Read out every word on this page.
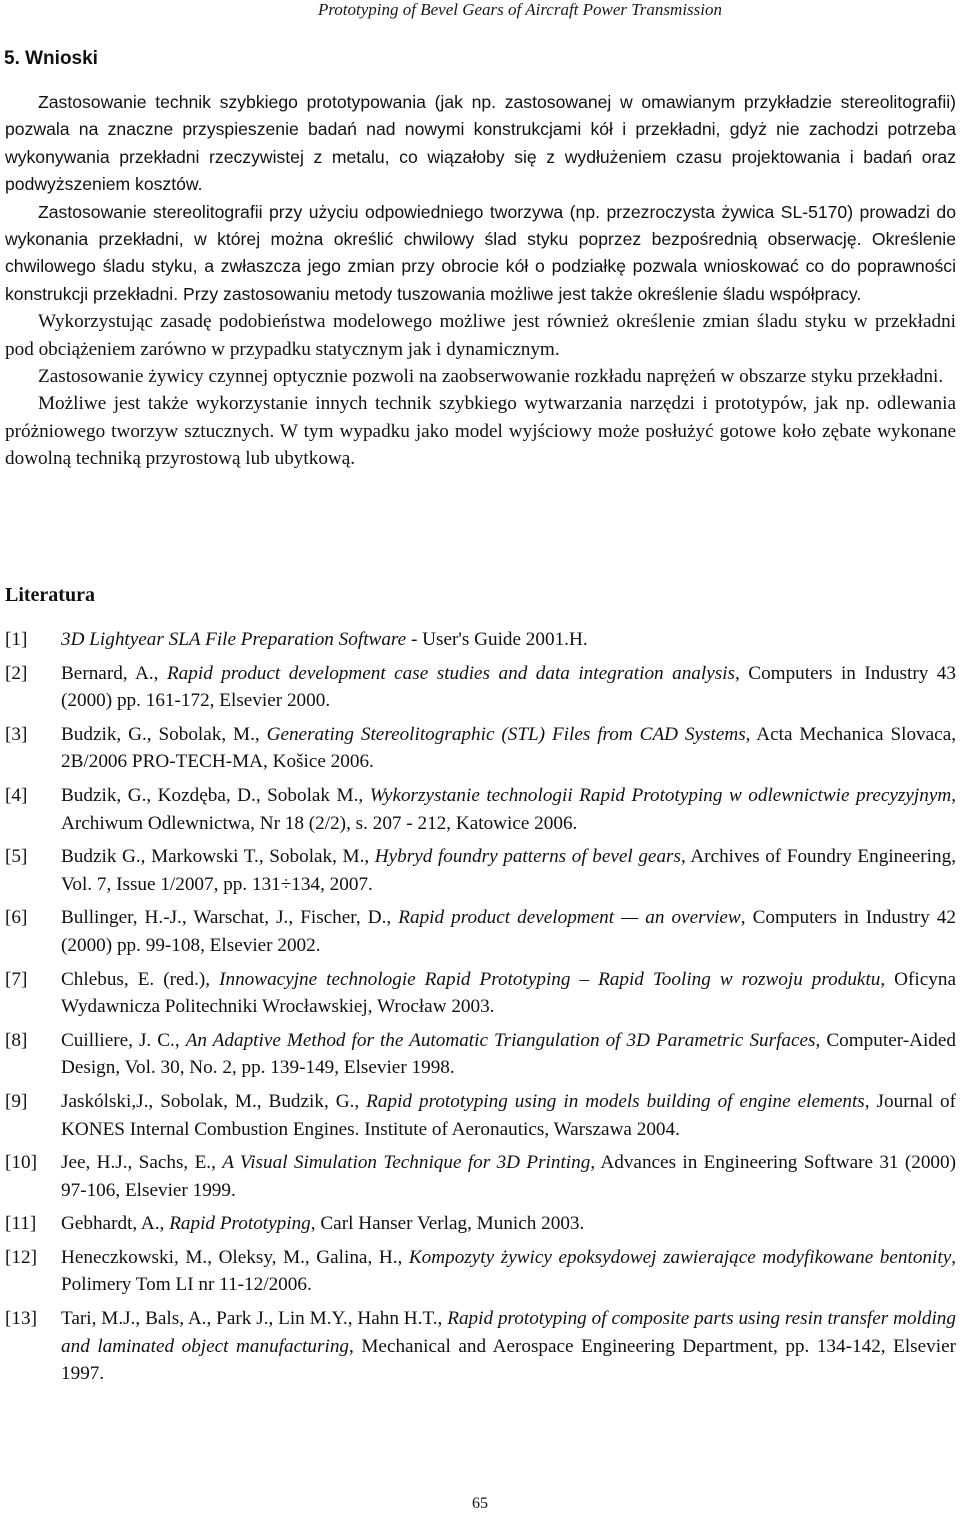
Prototyping of Bevel Gears of Aircraft Power Transmission
5. Wnioski

Zastosowanie technik szybkiego prototypowania (jak np. zastosowanej w omawianym przykładzie stereolitografii) pozwala na znaczne przyspieszenie badań nad nowymi konstrukcjami kół i przekładni, gdyż nie zachodzi potrzeba wykonywania przekładni rzeczywistej z metalu, co wiązałoby się z wydłużeniem czasu projektowania i badań oraz podwyższeniem kosztów.

Zastosowanie stereolitografii przy użyciu odpowiedniego tworzywa (np. przezroczysta żywica SL-5170) prowadzi do wykonania przekładni, w której można określić chwilowy ślad styku poprzez bezpośrednią obserwację. Określenie chwilowego śladu styku, a zwłaszcza jego zmian przy obrocie kół o podziałkę pozwala wnioskować co do poprawności konstrukcji przekładni. Przy zastosowaniu metody tuszowania możliwe jest także określenie śladu współpracy.

Wykorzystując zasadę podobieństwa modelowego możliwe jest również określenie zmian śladu styku w przekładni pod obciążeniem zarówno w przypadku statycznym jak i dynamicznym.

Zastosowanie żywicy czynnej optycznie pozwoli na zaobserwowanie rozkładu naprężeń w obszarze styku przekładni.

Możliwe jest także wykorzystanie innych technik szybkiego wytwarzania narzędzi i prototypów, jak np. odlewania próżniowego tworzyw sztucznych. W tym wypadku jako model wyjściowy może posłużyć gotowe koło zębate wykonane dowolną techniką przyrostową lub ubytkową.

Literatura
[1]	3D Lightyear SLA File Preparation Software - User's Guide 2001.H.
[2]	Bernard, A., Rapid product development case studies and data integration analysis, Computers in Industry 43 (2000) pp. 161-172, Elsevier 2000.
[3]	Budzik, G., Sobolak, M., Generating Stereolitographic (STL) Files from CAD Systems, Acta Mechanica Slovaca, 2B/2006 PRO-TECH-MA, Košice 2006.
[4]	Budzik, G., Kozdęba, D., Sobolak M., Wykorzystanie technologii Rapid Prototyping w odlewnictwie precyzyjnym, Archiwum Odlewnictwa, Nr 18 (2/2), s. 207 - 212, Katowice 2006.
[5]	Budzik G., Markowski T., Sobolak, M., Hybryd foundry patterns of bevel gears, Archives of Foundry Engineering, Vol. 7, Issue 1/2007, pp. 131÷134, 2007.
[6]	Bullinger, H.-J., Warschat, J., Fischer, D., Rapid product development — an overview, Computers in Industry 42 (2000) pp. 99-108, Elsevier 2002.
[7]	Chlebus, E. (red.), Innowacyjne technologie Rapid Prototyping – Rapid Tooling w rozwoju produktu, Oficyna Wydawnicza Politechniki Wrocławskiej, Wrocław 2003.
[8]	Cuilliere, J. C., An Adaptive Method for the Automatic Triangulation of 3D Parametric Surfaces, Computer-Aided Design, Vol. 30, No. 2, pp. 139-149, Elsevier 1998.
[9]	Jaskólski,J., Sobolak, M., Budzik, G., Rapid prototyping using in models building of engine elements, Journal of KONES Internal Combustion Engines. Institute of Aeronautics, Warszawa 2004.
[10]	Jee, H.J., Sachs, E., A Visual Simulation Technique for 3D Printing, Advances in Engineering Software 31 (2000) 97-106, Elsevier 1999.
[11]	Gebhardt, A., Rapid Prototyping, Carl Hanser Verlag, Munich 2003.
[12]	Heneczkowski, M., Oleksy, M., Galina, H., Kompozyty żywicy epoksydowej zawierające modyfikowane bentonity, Polimery Tom LI nr 11-12/2006.
[13]	Tari, M.J., Bals, A., Park J., Lin M.Y., Hahn H.T., Rapid prototyping of composite parts using resin transfer molding and laminated object manufacturing, Mechanical and Aerospace Engineering Department, pp. 134-142, Elsevier 1997.
65
